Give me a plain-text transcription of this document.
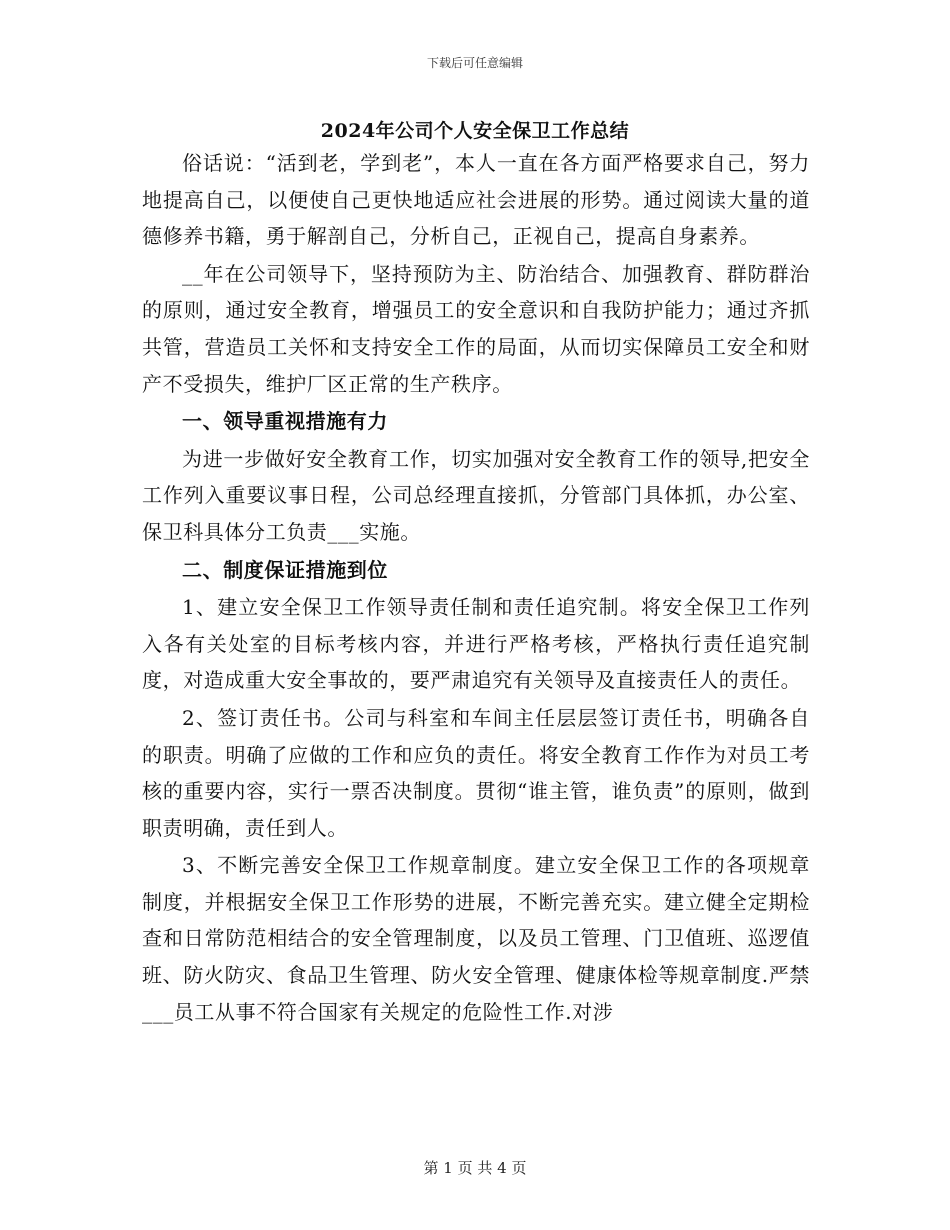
下载后可任意编辑
2024年公司个人安全保卫工作总结

俗话说：“活到老，学到老”，本人一直在各方面严格要求自己，努力地提高自己，以便使自己更快地适应社会进展的形势。通过阅读大量的道德修养书籍，勇于解剖自己，分析自己，正视自己，提高自身素养。

__年在公司领导下，坚持预防为主、防治结合、加强教育、群防群治的原则，通过安全教育，增强员工的安全意识和自我防护能力；通过齐抓共管，营造员工关怀和支持安全工作的局面，从而切实保障员工安全和财产不受损失，维护厂区正常的生产秩序。

一、领导重视措施有力

为进一步做好安全教育工作，切实加强对安全教育工作的领导,把安全工作列入重要议事日程，公司总经理直接抓，分管部门具体抓，办公室、保卫科具体分工负责___实施。

二、制度保证措施到位

1、建立安全保卫工作领导责任制和责任追究制。将安全保卫工作列入各有关处室的目标考核内容，并进行严格考核，严格执行责任追究制度，对造成重大安全事故的，要严肃追究有关领导及直接责任人的责任。

2、签订责任书。公司与科室和车间主任层层签订责任书，明确各自的职责。明确了应做的工作和应负的责任。将安全教育工作作为对员工考核的重要内容，实行一票否决制度。贯彻“谁主管，谁负责”的原则，做到职责明确，责任到人。

3、不断完善安全保卫工作规章制度。建立安全保卫工作的各项规章制度，并根据安全保卫工作形势的进展，不断完善充实。建立健全定期检查和日常防范相结合的安全管理制度，以及员工管理、门卫值班、巡逻值班、防火防灾、食品卫生管理、防火安全管理、健康体检等规章制度.严禁___员工从事不符合国家有关规定的危险性工作.对涉

第 1 页 共 4 页
